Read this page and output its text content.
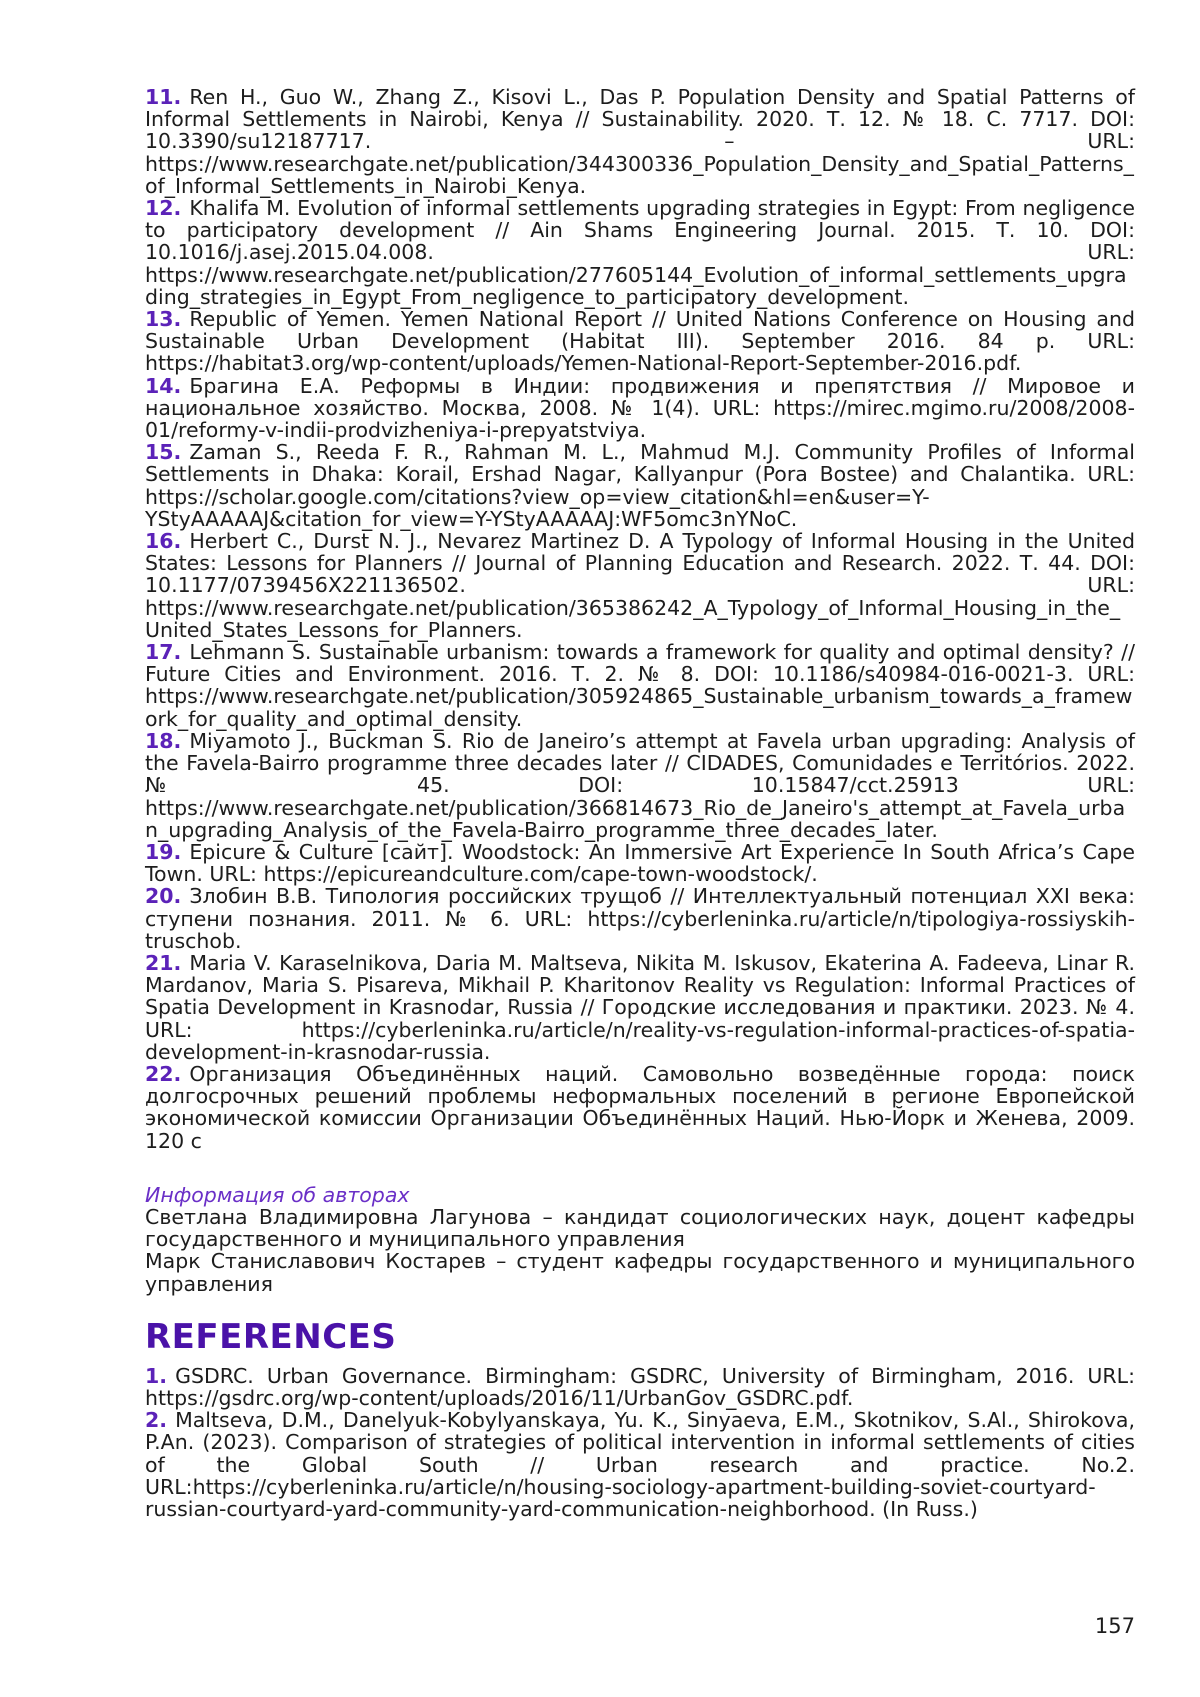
11. Ren H., Guo W., Zhang Z., Kisovi L., Das P. Population Density and Spatial Patterns of Informal Settlements in Nairobi, Kenya // Sustainability. 2020. Т. 12. № 18. С. 7717. DOI: 10.3390/su12187717. – URL: https://www.researchgate.net/publication/344300336_Population_Density_and_Spatial_Patterns_of_Informal_Settlements_in_Nairobi_Kenya.

12. Khalifa M. Evolution of informal settlements upgrading strategies in Egypt: From negligence to participatory development // Ain Shams Engineering Journal. 2015. Т. 10. DOI: 10.1016/j.asej.2015.04.008. URL: https://www.researchgate.net/publication/277605144_Evolution_of_informal_settlements_upgrading_strategies_in_Egypt_From_negligence_to_participatory_development.

13. Republic of Yemen. Yemen National Report // United Nations Conference on Housing and Sustainable Urban Development (Habitat III). September 2016. 84 p. URL: https://habitat3.org/wp-content/uploads/Yemen-National-Report-September-2016.pdf.

14. Брагина Е.А. Реформы в Индии: продвижения и препятствия // Мировое и национальное хозяйство. Москва, 2008. № 1(4). URL: https://mirec.mgimo.ru/2008/2008-01/reformy-v-indii-prodvizheniya-i-prepyatstviya.

15. Zaman S., Reeda F. R., Rahman M. L., Mahmud M.J. Community Profiles of Informal Settlements in Dhaka: Korail, Ershad Nagar, Kallyanpur (Pora Bostee) and Chalantika. URL: https://scholar.google.com/citations?view_op=view_citation&hl=en&user=Y-YStyAAAAAJ&citation_for_view=Y-YStyAAAAAJ:WF5omc3nYNoC.

16. Herbert C., Durst N. J., Nevarez Martinez D. A Typology of Informal Housing in the United States: Lessons for Planners // Journal of Planning Education and Research. 2022. Т. 44. DOI: 10.1177/0739456X221136502. URL: https://www.researchgate.net/publication/365386242_A_Typology_of_Informal_Housing_in_the_United_States_Lessons_for_Planners.

17. Lehmann S. Sustainable urbanism: towards a framework for quality and optimal density? // Future Cities and Environment. 2016. Т. 2. № 8. DOI: 10.1186/s40984-016-0021-3. URL: https://www.researchgate.net/publication/305924865_Sustainable_urbanism_towards_a_framework_for_quality_and_optimal_density.

18. Miyamoto J., Buckman S. Rio de Janeiro’s attempt at Favela urban upgrading: Analysis of the Favela-Bairro programme three decades later // CIDADES, Comunidades e Territórios. 2022. № 45. DOI: 10.15847/cct.25913 URL: https://www.researchgate.net/publication/366814673_Rio_de_Janeiro's_attempt_at_Favela_urban_upgrading_Analysis_of_the_Favela-Bairro_programme_three_decades_later.

19. Epicure & Culture [сайт]. Woodstock: An Immersive Art Experience In South Africa’s Cape Town. URL: https://epicureandculture.com/cape-town-woodstock/.

20. Злобин В.В. Типология российских трущоб // Интеллектуальный потенциал XXI века: ступени познания. 2011. № 6. URL: https://cyberleninka.ru/article/n/tipologiya-rossiyskih-truschob.

21. Maria V. Karaselnikova, Daria M. Maltseva, Nikita M. Iskusov, Ekaterina A. Fadeeva, Linar R. Mardanov, Maria S. Pisareva, Mikhail P. Kharitonov Reality vs Regulation: Informal Practices of Spatia Development in Krasnodar, Russia // Городские исследования и практики. 2023. № 4. URL: https://cyberleninka.ru/article/n/reality-vs-regulation-informal-practices-of-spatia-development-in-krasnodar-russia.

22. Организация Объединённых наций. Самовольно возведённые города: поиск долгосрочных решений проблемы неформальных поселений в регионе Европейской экономической комиссии Организации Объединённых Наций. Нью-Йорк и Женева, 2009. 120 с

Информация об авторах

Светлана Владимировна Лагунова – кандидат социологических наук, доцент кафедры государственного и муниципального управления

Марк Станиславович Костарев – студент кафедры государственного и муниципального управления

REFERENCES

1. GSDRC. Urban Governance. Birmingham: GSDRC, University of Birmingham, 2016. URL: https://gsdrc.org/wp-content/uploads/2016/11/UrbanGov_GSDRC.pdf.

2. Maltseva, D.M., Danelyuk-Kobylyanskaya, Yu. K., Sinyaeva, E.M., Skotnikov, S.Al., Shirokova, P.An. (2023). Comparison of strategies of political intervention in informal settlements of cities of the Global South // Urban research and practice. No.2. URL:https://cyberleninka.ru/article/n/housing-sociology-apartment-building-soviet-courtyard-russian-courtyard-yard-community-yard-communication-neighborhood. (In Russ.)

157
